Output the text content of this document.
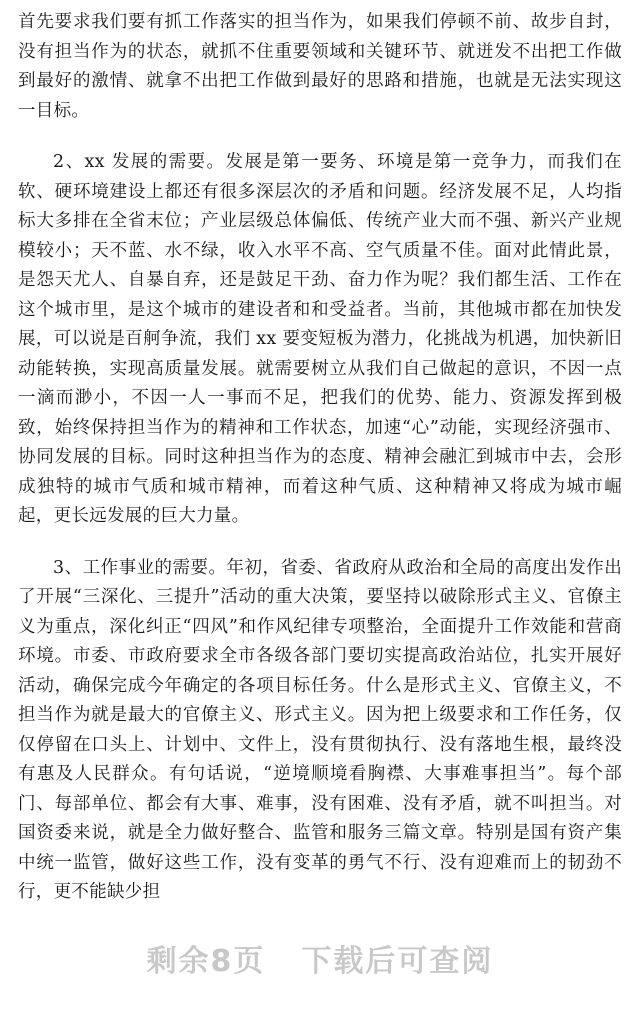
首先要求我们要有抓工作落实的担当作为，如果我们停顿不前、故步自封，没有担当作为的状态，就抓不住重要领域和关键环节、就迸发不出把工作做到最好的激情、就拿不出把工作做到最好的思路和措施，也就是无法实现这一目标。

2、xx 发展的需要。发展是第一要务、环境是第一竞争力，而我们在软、硬环境建设上都还有很多深层次的矛盾和问题。经济发展不足，人均指标大多排在全省末位；产业层级总体偏低、传统产业大而不强、新兴产业规模较小；天不蓝、水不绿，收入水平不高、空气质量不佳。面对此情此景，是怨天尤人、自暴自弃，还是鼓足干劲、奋力作为呢？我们都生活、工作在这个城市里，是这个城市的建设者和和受益者。当前，其他城市都在加快发展，可以说是百舸争流，我们 xx 要变短板为潜力，化挑战为机遇，加快新旧动能转换，实现高质量发展。就需要树立从我们自己做起的意识，不因一点一滴而渺小，不因一人一事而不足，把我们的优势、能力、资源发挥到极致，始终保持担当作为的精神和工作状态，加速“心”动能，实现经济强市、协同发展的目标。同时这种担当作为的态度、精神会融汇到城市中去，会形成独特的城市气质和城市精神，而着这种气质、这种精神又将成为城市崛起，更长远发展的巨大力量。

3、工作事业的需要。年初，省委、省政府从政治和全局的高度出发作出了开展“三深化、三提升”活动的重大决策，要坚持以破除形式主义、官僚主义为重点，深化纠正“四风”和作风纪律专项整治，全面提升工作效能和营商环境。市委、市政府要求全市各级各部门要切实提高政治站位，扎实开展好活动，确保完成今年确定的各项目标任务。什么是形式主义、官僚主义，不担当作为就是最大的官僚主义、形式主义。因为把上级要求和工作任务，仅仅停留在口头上、计划中、文件上，没有贯彻执行、没有落地生根，最终没有惠及人民群众。有句话说，“逆境顺境看胸襟、大事难事担当”。每个部门、每部单位、都会有大事、难事，没有困难、没有矛盾，就不叫担当。对国资委来说，就是全力做好整合、监管和服务三篇文章。特别是国有资产集中统一监管，做好这些工作，没有变革的勇气不行、没有迎难而上的韧劲不行，更不能缺少担

剩余8页 下载后可查阅
